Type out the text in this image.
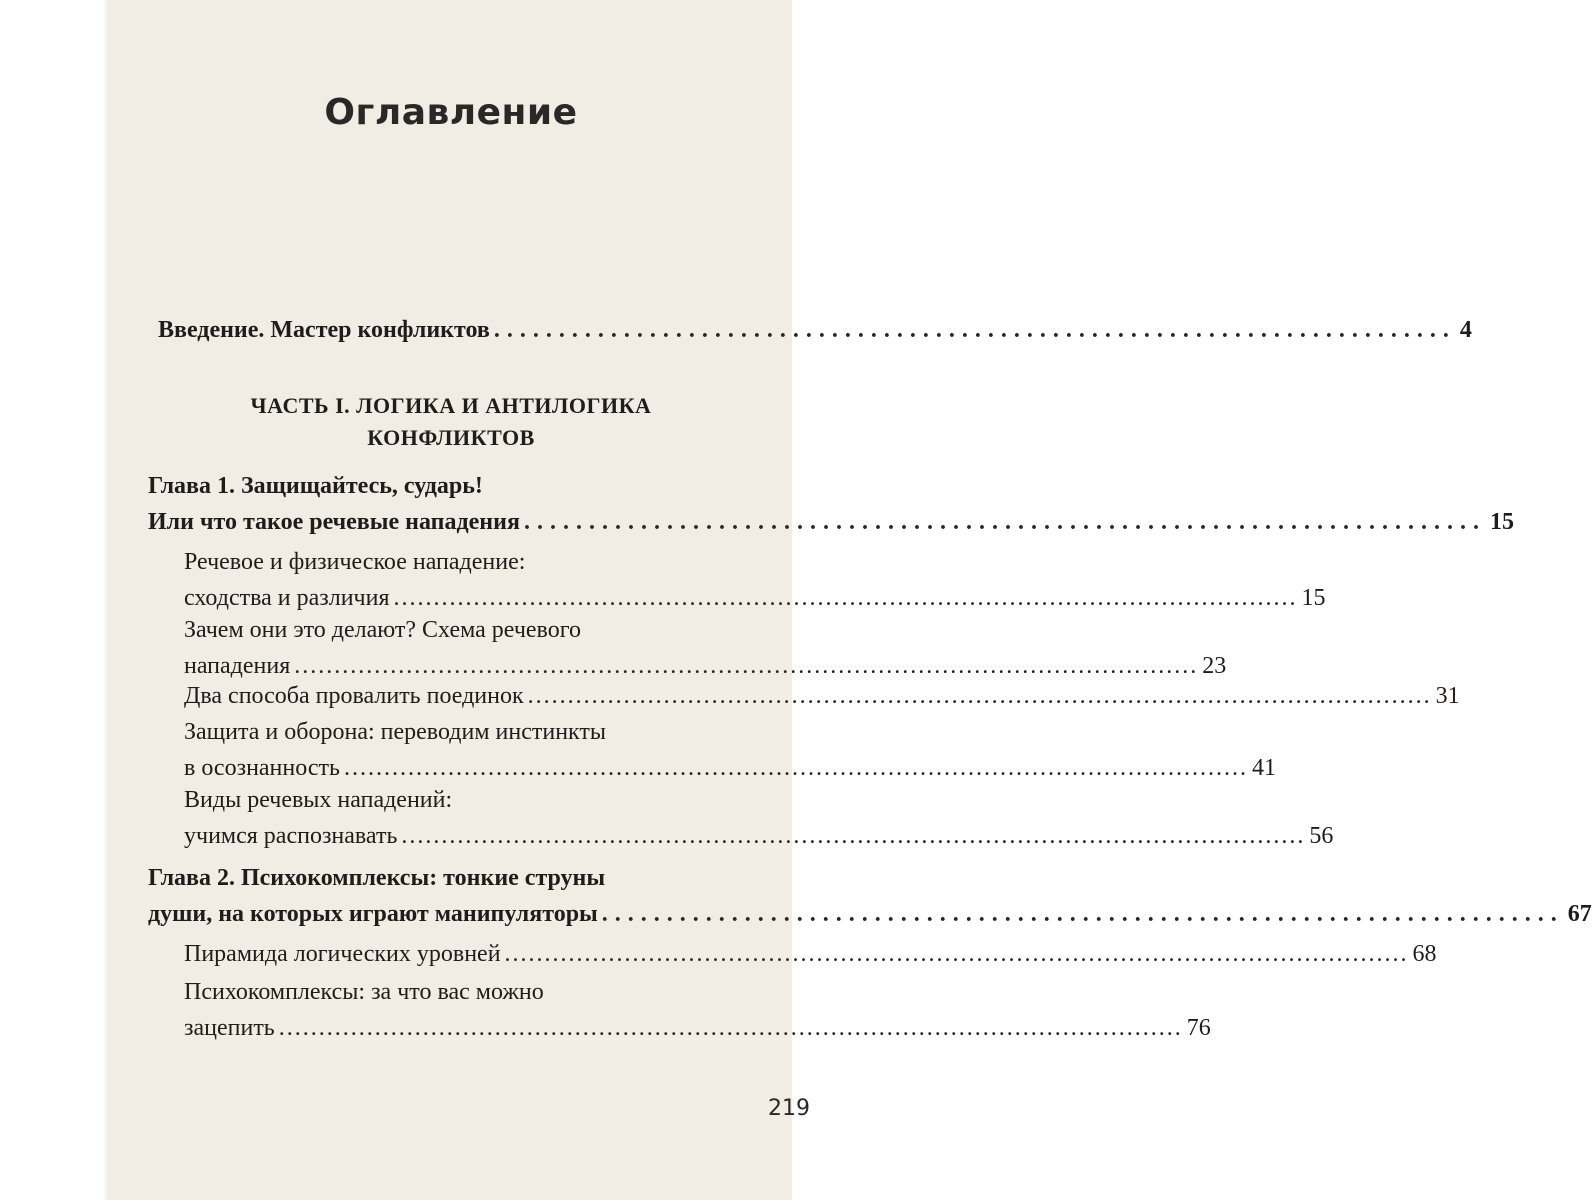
Оглавление
Введение. Мастер конфликтов .......................................................................... 4
ЧАСТЬ I. ЛОГИКА И АНТИЛОГИКА
КОНФЛИКТОВ
Глава 1. Защищайтесь, сударь!
Или что такое речевые нападения .......................................................................... 15
Речевое и физическое нападение:
сходства и различия ................................................................................................................. 15
Зачем они это делают? Схема речевого
нападения ................................................................................................................. 23
Два способа провалить поединок ................................................................................................................. 31
Защита и оборона: переводим инстинкты
в осознанность ................................................................................................................. 41
Виды речевых нападений:
учимся распознавать ................................................................................................................. 56
Глава 2. Психокомплексы: тонкие струны
души, на которых играют манипуляторы .......................................................................... 67
Пирамида логических уровней ................................................................................................................. 68
Психокомплексы: за что вас можно
зацепить ................................................................................................................. 76
219
